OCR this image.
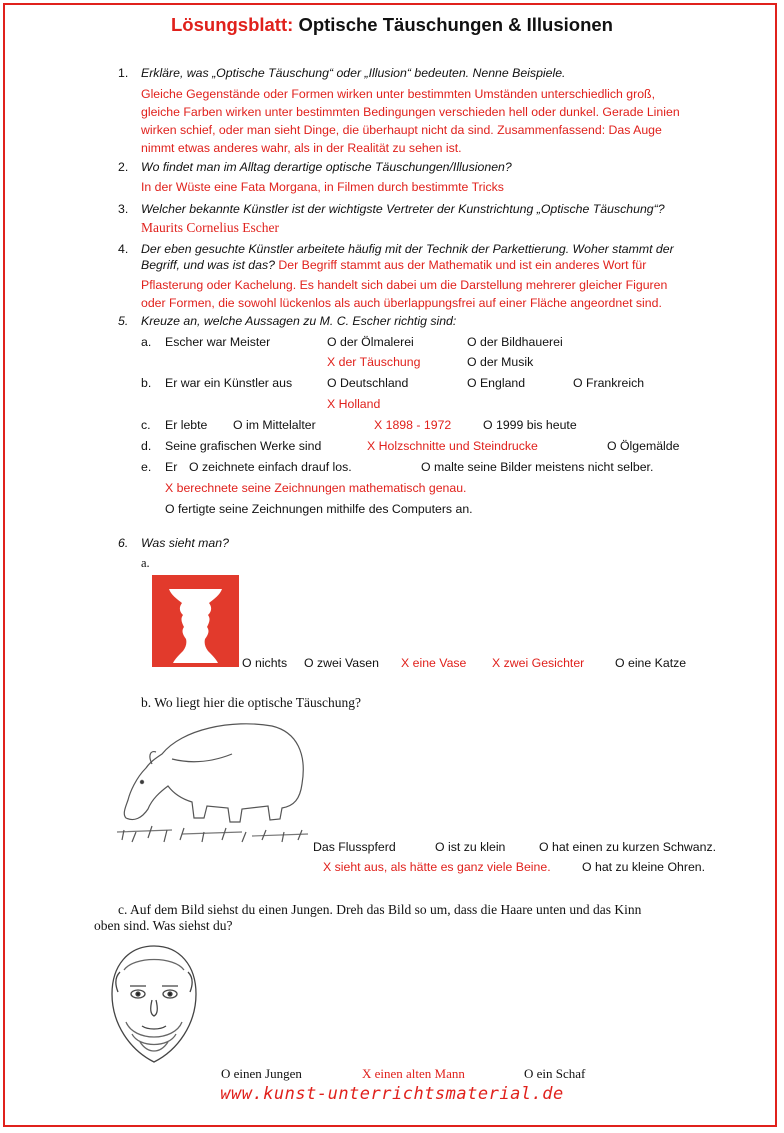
Lösungsblatt: Optische Täuschungen & Illusionen
1. Erkläre, was „Optische Täuschung“ oder „Illusion“ bedeuten. Nenne Beispiele.
Gleiche Gegenstände oder Formen wirken unter bestimmten Umständen unterschiedlich groß,
gleiche Farben wirken unter bestimmten Bedingungen verschieden hell oder dunkel. Gerade Linien
wirken schief, oder man sieht Dinge, die überhaupt nicht da sind. Zusammenfassend: Das Auge
nimmt etwas anderes wahr, als in der Realität zu sehen ist.
2. Wo findet man im Alltag derartige optische Täuschungen/Illusionen?
In der Wüste eine Fata Morgana, in Filmen durch bestimmte Tricks
3. Welcher bekannte Künstler ist der wichtigste Vertreter der Kunstrichtung „Optische Täuschung“?
Maurits Cornelius Escher
4. Der eben gesuchte Künstler arbeitete häufig mit der Technik der Parkettierung. Woher stammt der
Begriff, und was ist das? Der Begriff stammt aus der Mathematik und ist ein anderes Wort für
Pflasterung oder Kachelung. Es handelt sich dabei um die Darstellung mehrerer gleicher Figuren
oder Formen, die sowohl lückenlos als auch überlappungsfrei auf einer Fläche angeordnet sind.
5. Kreuze an, welche Aussagen zu M. C. Escher richtig sind:
a. Escher war Meister	O der Ölmalerei	O der Bildhauerei
X der Täuschung	O der Musik
b. Er war ein Künstler aus	O Deutschland	O England	O Frankreich
X Holland
c. Er lebte O im Mittelalter	X 1898 - 1972	O 1999 bis heute
d. Seine grafischen Werke sind	X Holzschnitte und Steindrucke	O Ölgemälde
e. Er O zeichnete einfach drauf los.	O malte seine Bilder meistens nicht selber.
X berechnete seine Zeichnungen mathematisch genau.
O fertigte seine Zeichnungen mithilfe des Computers an.
6. Was sieht man?
a.
O nichts O zwei Vasen X eine Vase X zwei Gesichter O eine Katze
b. Wo liegt hier die optische Täuschung?
Das Flusspferd	O ist zu klein	O hat einen zu kurzen Schwanz.
X sieht aus, als hätte es ganz viele Beine.	O hat zu kleine Ohren.
c. Auf dem Bild siehst du einen Jungen. Dreh das Bild so um, dass die Haare unten und das Kinn
oben sind. Was siehst du?
O einen Jungen	X einen alten Mann	O ein Schaf
www.kunst-unterrichtsmaterial.de
